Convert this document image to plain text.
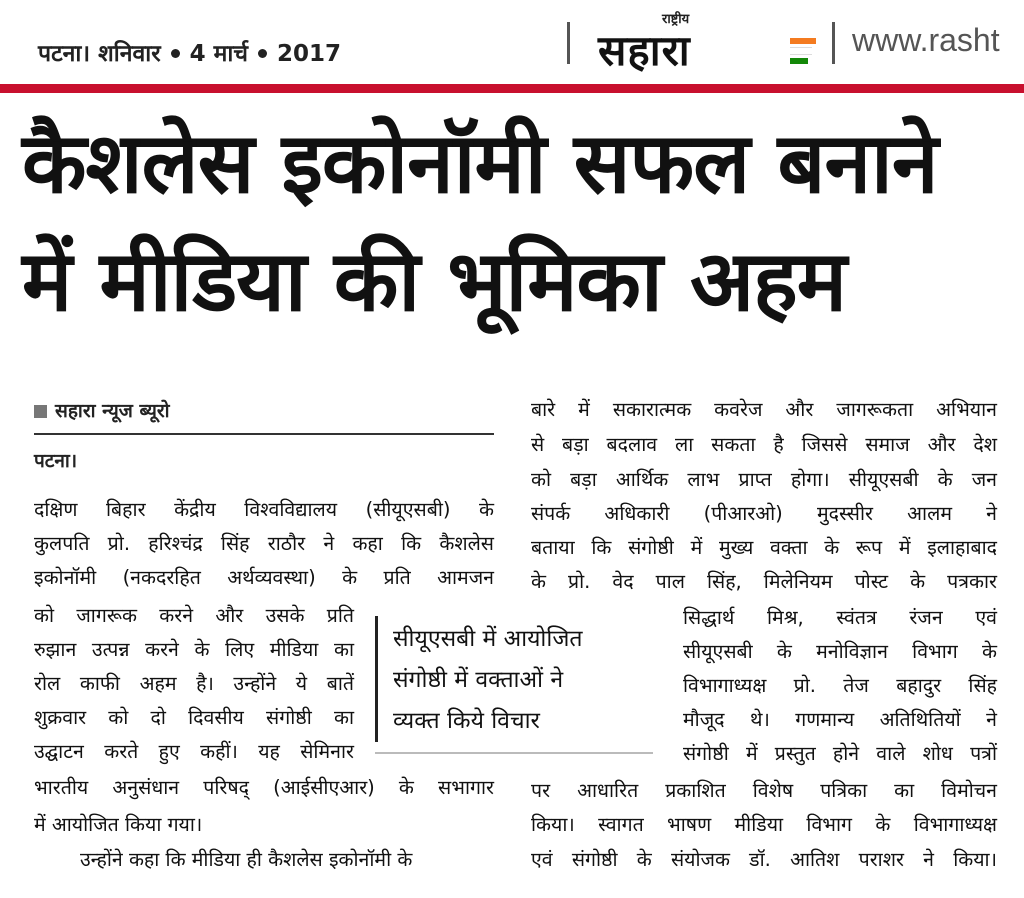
पटना। शनिवार 4 मार्च 2017
राष्ट्रीय
सहारा	www.rasht
कैशलेस इकोनॉमी सफल बनाने
में मीडिया की भूमिका अहम
सहारा न्यूज ब्यूरो
पटना।
दक्षिण बिहार केंद्रीय विश्वविद्यालय (सीयूएसबी) के
कुलपति प्रो. हरिश्चंद्र सिंह राठौर ने कहा कि कैशलेस
इकोनॉमी (नकदरहित अर्थव्यवस्था) के प्रति आमजन
को जागरूक करने और उसके प्रति
रुझान उत्पन्न करने के लिए मीडिया का
रोल काफी अहम है। उन्होंने ये बातें
शुक्रवार को दो दिवसीय संगोष्ठी का
उद्घाटन करते हुए कहीं। यह सेमिनार
भारतीय अनुसंधान परिषद् (आईसीएआर) के सभागार
में आयोजित किया गया।
उन्होंने कहा कि मीडिया ही कैशलेस इकोनॉमी के
बारे में सकारात्मक कवरेज और जागरूकता अभियान
से बड़ा बदलाव ला सकता है जिससे समाज और देश
को बड़ा आर्थिक लाभ प्राप्त होगा। सीयूएसबी के जन
संपर्क अधिकारी (पीआरओ) मुदस्सीर आलम ने
बताया कि संगोष्ठी में मुख्य वक्ता के रूप में इलाहाबाद
के प्रो. वेद पाल सिंह, मिलेनियम पोस्ट के पत्रकार
सिद्धार्थ मिश्र, स्वंतत्र रंजन एवं
सीयूएसबी के मनोविज्ञान विभाग के
विभागाध्यक्ष प्रो. तेज बहादुर सिंह
मौजूद थे। गणमान्य अतिथितियों ने
संगोष्ठी में प्रस्तुत होने वाले शोध पत्रों
पर आधारित प्रकाशित विशेष पत्रिका का विमोचन
किया। स्वागत भाषण मीडिया विभाग के विभागाध्यक्ष
एवं संगोष्ठी के संयोजक डॉ. आतिश पराशर ने किया।
सीयूएसबी में आयोजित
संगोष्ठी में वक्ताओं ने
व्यक्त किये विचार
